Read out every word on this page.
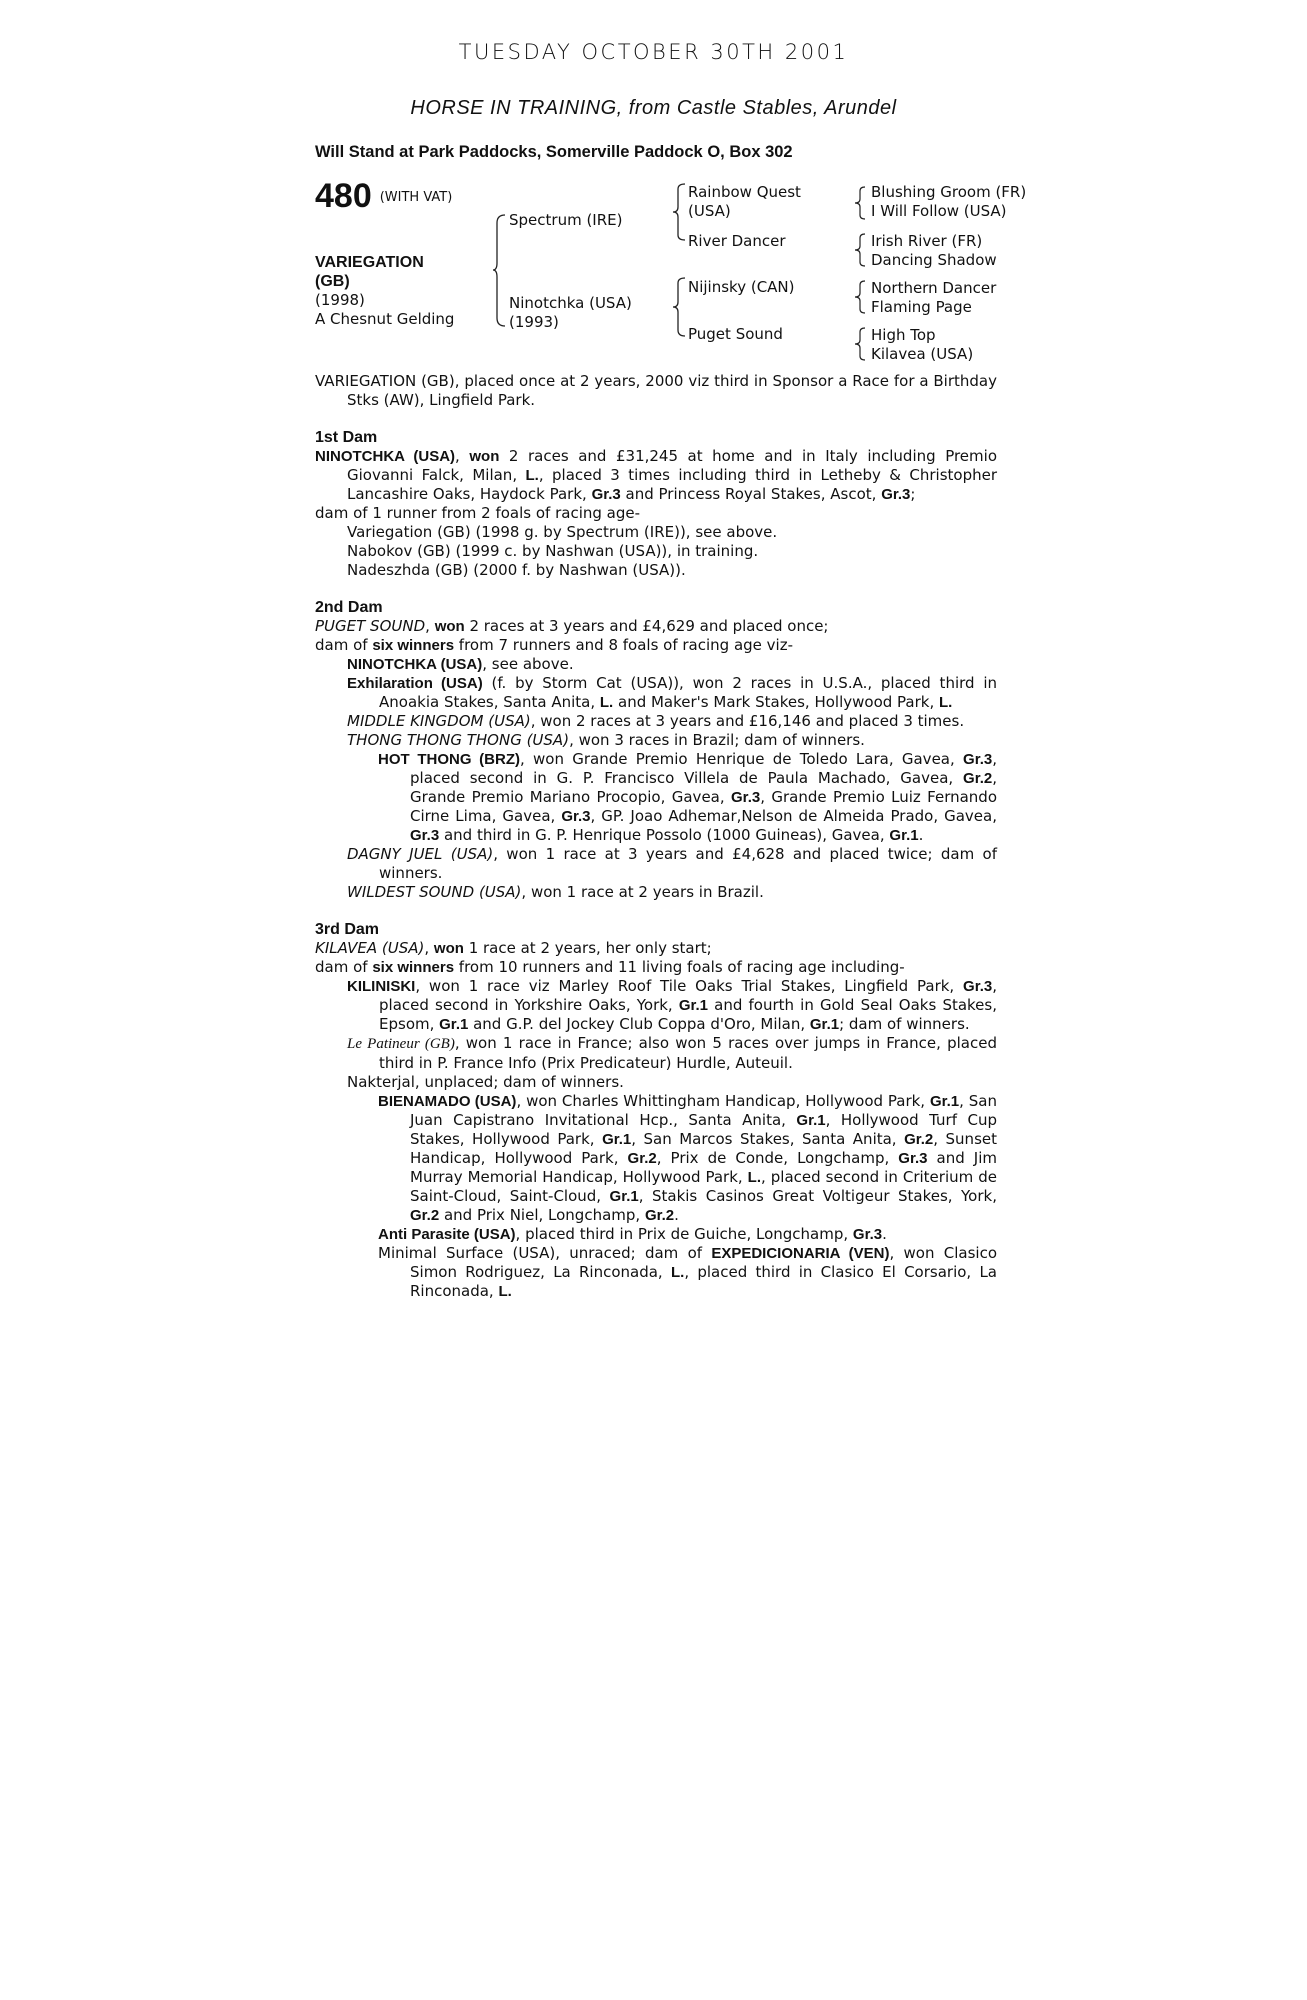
TUESDAY OCTOBER 30TH 2001
HORSE IN TRAINING, from Castle Stables, Arundel
Will Stand at Park Paddocks, Somerville Paddock O, Box 302
480 (WITH VAT)
VARIEGATION
(GB)
(1998)
A Chesnut Gelding
Spectrum (IRE)
Ninotchka (USA)
(1993)
Rainbow Quest
(USA)
River Dancer
Nijinsky (CAN)
Puget Sound
Blushing Groom (FR)
I Will Follow (USA)
Irish River (FR)
Dancing Shadow
Northern Dancer
Flaming Page
High Top
Kilavea (USA)
VARIEGATION (GB), placed once at 2 years, 2000 viz third in Sponsor a Race for a Birthday Stks (AW), Lingfield Park.
1st Dam
NINOTCHKA (USA), won 2 races and £31,245 at home and in Italy including Premio Giovanni Falck, Milan, L., placed 3 times including third in Letheby & Christopher Lancashire Oaks, Haydock Park, Gr.3 and Princess Royal Stakes, Ascot, Gr.3;
dam of 1 runner from 2 foals of racing age-
Variegation (GB) (1998 g. by Spectrum (IRE)), see above.
Nabokov (GB) (1999 c. by Nashwan (USA)), in training.
Nadeszhda (GB) (2000 f. by Nashwan (USA)).
2nd Dam
PUGET SOUND, won 2 races at 3 years and £4,629 and placed once;
dam of six winners from 7 runners and 8 foals of racing age viz-
NINOTCHKA (USA), see above.
Exhilaration (USA) (f. by Storm Cat (USA)), won 2 races in U.S.A., placed third in Anoakia Stakes, Santa Anita, L. and Maker's Mark Stakes, Hollywood Park, L.
MIDDLE KINGDOM (USA), won 2 races at 3 years and £16,146 and placed 3 times.
THONG THONG THONG (USA), won 3 races in Brazil; dam of winners.
HOT THONG (BRZ), won Grande Premio Henrique de Toledo Lara, Gavea, Gr.3, placed second in G. P. Francisco Villela de Paula Machado, Gavea, Gr.2, Grande Premio Mariano Procopio, Gavea, Gr.3, Grande Premio Luiz Fernando Cirne Lima, Gavea, Gr.3, GP. Joao Adhemar,Nelson de Almeida Prado, Gavea, Gr.3 and third in G. P. Henrique Possolo (1000 Guineas), Gavea, Gr.1.
DAGNY JUEL (USA), won 1 race at 3 years and £4,628 and placed twice; dam of winners.
WILDEST SOUND (USA), won 1 race at 2 years in Brazil.
3rd Dam
KILAVEA (USA), won 1 race at 2 years, her only start;
dam of six winners from 10 runners and 11 living foals of racing age including-
KILINISKI, won 1 race viz Marley Roof Tile Oaks Trial Stakes, Lingfield Park, Gr.3, placed second in Yorkshire Oaks, York, Gr.1 and fourth in Gold Seal Oaks Stakes, Epsom, Gr.1 and G.P. del Jockey Club Coppa d'Oro, Milan, Gr.1; dam of winners.
Le Patineur (GB), won 1 race in France; also won 5 races over jumps in France, placed third in P. France Info (Prix Predicateur) Hurdle, Auteuil.
Nakterjal, unplaced; dam of winners.
BIENAMADO (USA), won Charles Whittingham Handicap, Hollywood Park, Gr.1, San Juan Capistrano Invitational Hcp., Santa Anita, Gr.1, Hollywood Turf Cup Stakes, Hollywood Park, Gr.1, San Marcos Stakes, Santa Anita, Gr.2, Sunset Handicap, Hollywood Park, Gr.2, Prix de Conde, Longchamp, Gr.3 and Jim Murray Memorial Handicap, Hollywood Park, L., placed second in Criterium de Saint-Cloud, Saint-Cloud, Gr.1, Stakis Casinos Great Voltigeur Stakes, York, Gr.2 and Prix Niel, Longchamp, Gr.2.
Anti Parasite (USA), placed third in Prix de Guiche, Longchamp, Gr.3.
Minimal Surface (USA), unraced; dam of EXPEDICIONARIA (VEN), won Clasico Simon Rodriguez, La Rinconada, L., placed third in Clasico El Corsario, La Rinconada, L.
